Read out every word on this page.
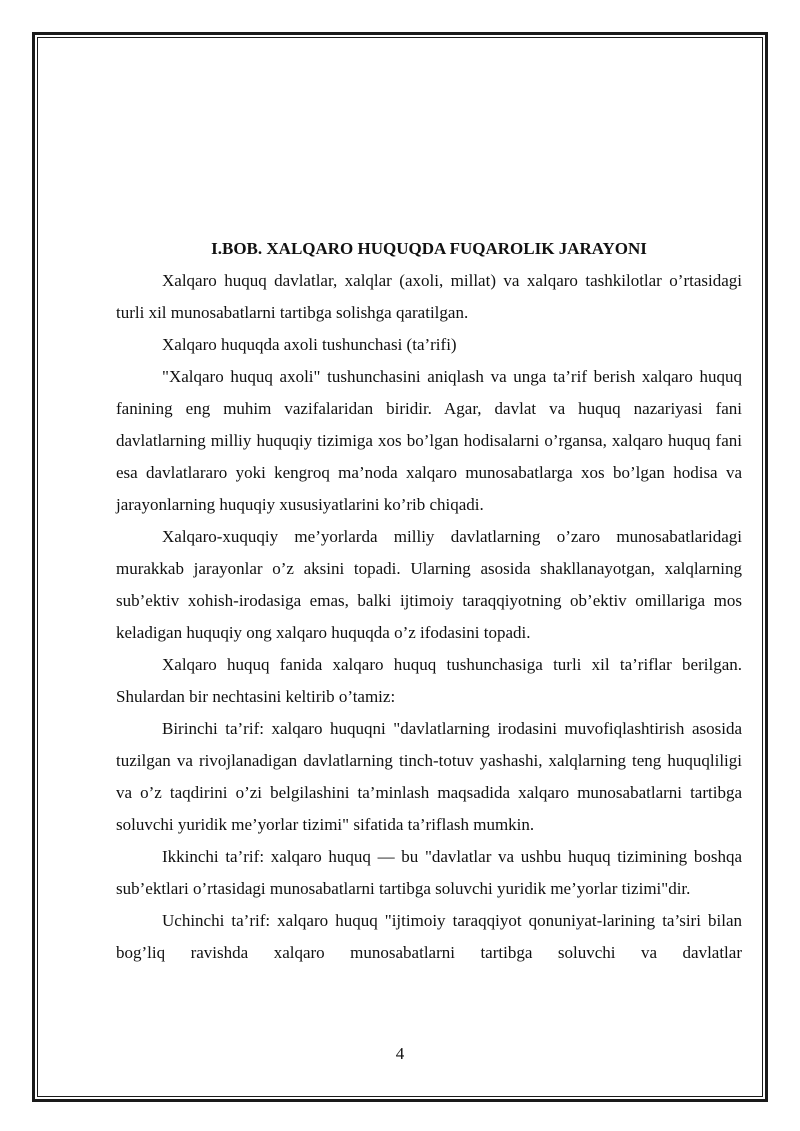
I.BOB. XALQARO HUQUQDA FUQAROLIK JARAYONI

Xalqaro huquq davlatlar, xalqlar (axoli, millat) va xalqaro tashkilotlar o’rtasidagi turli xil munosabatlarni tartibga solishga qaratilgan.

Xalqaro huquqda axoli tushunchasi (ta’rifi)

"Xalqaro huquq axoli" tushunchasini aniqlash va unga ta’rif berish xalqaro huquq fanining eng muhim vazifalaridan biridir. Agar, davlat va huquq nazariyasi fani davlatlarning milliy huquqiy tizimiga xos bo’lgan hodisalarni o’rgansa, xalqaro huquq fani esa davlatlararo yoki kengroq ma’noda xalqaro munosabatlarga xos bo’lgan hodisa va jarayonlarning huquqiy xususiyatlarini ko’rib chiqadi.

Xalqaro-xuquqiy me’yorlarda milliy davlatlarning o’zaro munosabatlaridagi murakkab jarayonlar o’z aksini topadi. Ularning asosida shakllanayotgan, xalqlarning sub’ektiv xohish-irodasiga emas, balki ijtimoiy taraqqiyotning ob’ektiv omillariga mos keladigan huquqiy ong xalqaro huquqda o’z ifodasini topadi.

Xalqaro huquq fanida xalqaro huquq tushunchasiga turli xil ta’riflar berilgan. Shulardan bir nechtasini keltirib o’tamiz:

Birinchi ta’rif: xalqaro huquqni "davlatlarning irodasini muvofiqlashtirish asosida tuzilgan va rivojlanadigan davlatlarning tinch-totuv yashashi, xalqlarning teng huquqliligi va o’z taqdirini o’zi belgilashini ta’minlash maqsadida xalqaro munosabatlarni tartibga soluvchi yuridik me’yorlar tizimi" sifatida ta’riflash mumkin.

Ikkinchi ta’rif: xalqaro huquq — bu "davlatlar va ushbu huquq tizimining boshqa sub’ektlari o’rtasidagi munosabatlarni tartibga soluvchi yuridik me’yorlar tizimi"dir.

Uchinchi ta’rif: xalqaro huquq "ijtimoiy taraqqiyot qonuniyat-larining ta’siri bilan bog’liq ravishda xalqaro munosabatlarni tartibga soluvchi va davlatlar

4
